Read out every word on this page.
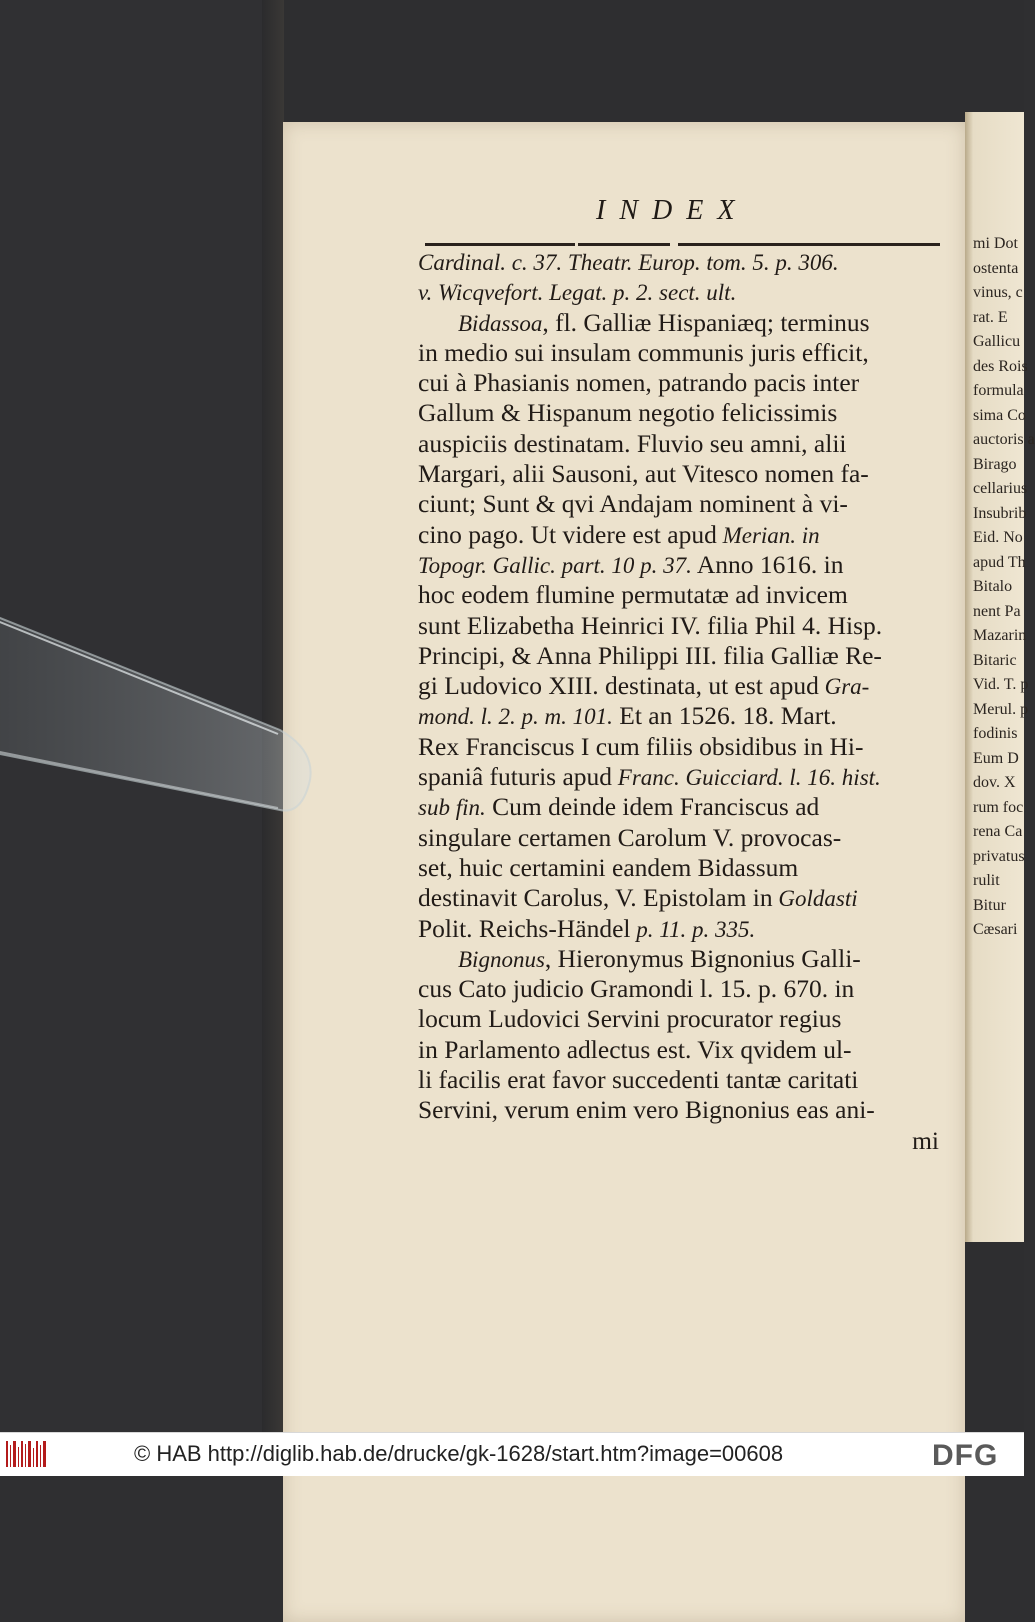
mi Dot
ostenta
vinus, c
rat. E
Gallicu
des Rois
formula
sima Co
auctoris a
Birago
cellarius
Insubrib
Eid. No
apud Th
Bitalo
nent Pa
Mazarin
Bitaric
Vid. T. p
Merul. p
fodinis
Eum D
dov. X
rum foc
rena Ca
privatus
rulit
Bitur
Cæsari
INDEX
Cardinal. c. 37. Theatr. Europ. tom. 5. p. 306.
v. Wicqvefort. Legat. p. 2. sect. ult.
Bidassoa, fl. Galliæ Hispaniæq; terminus
in medio sui insulam communis juris efficit,
cui à Phasianis nomen, patrando pacis inter
Gallum & Hispanum negotio felicissimis
auspiciis destinatam. Fluvio seu amni, alii
Margari, alii Sausoni, aut Vitesco nomen fa-
ciunt; Sunt & qvi Andajam nominent à vi-
cino pago. Ut videre est apud Merian. in
Topogr. Gallic. part. 10 p. 37. Anno 1616. in
hoc eodem flumine permutatæ ad invicem
sunt Elizabetha Heinrici IV. filia Phil 4. Hisp.
Principi, & Anna Philippi III. filia Galliæ Re-
gi Ludovico XIII. destinata, ut est apud Gra-
mond. l. 2. p. m. 101. Et an 1526. 18. Mart.
Rex Franciscus I cum filiis obsidibus in Hi-
spaniâ futuris apud Franc. Guicciard. l. 16. hist.
sub fin. Cum deinde idem Franciscus ad
singulare certamen Carolum V. provocas-
set, huic certamini eandem Bidassum
destinavit Carolus, V. Epistolam in Goldasti
Polit. Reichs-Händel p. 11. p. 335.
Bignonus, Hieronymus Bignonius Galli-
cus Cato judicio Gramondi l. 15. p. 670. in
locum Ludovici Servini procurator regius
in Parlamento adlectus est. Vix qvidem ul-
li facilis erat favor succedenti tantæ caritati
Servini, verum enim vero Bignonius eas ani-
mi
© HAB http://diglib.hab.de/drucke/gk-1628/start.htm?image=00608	DFG
